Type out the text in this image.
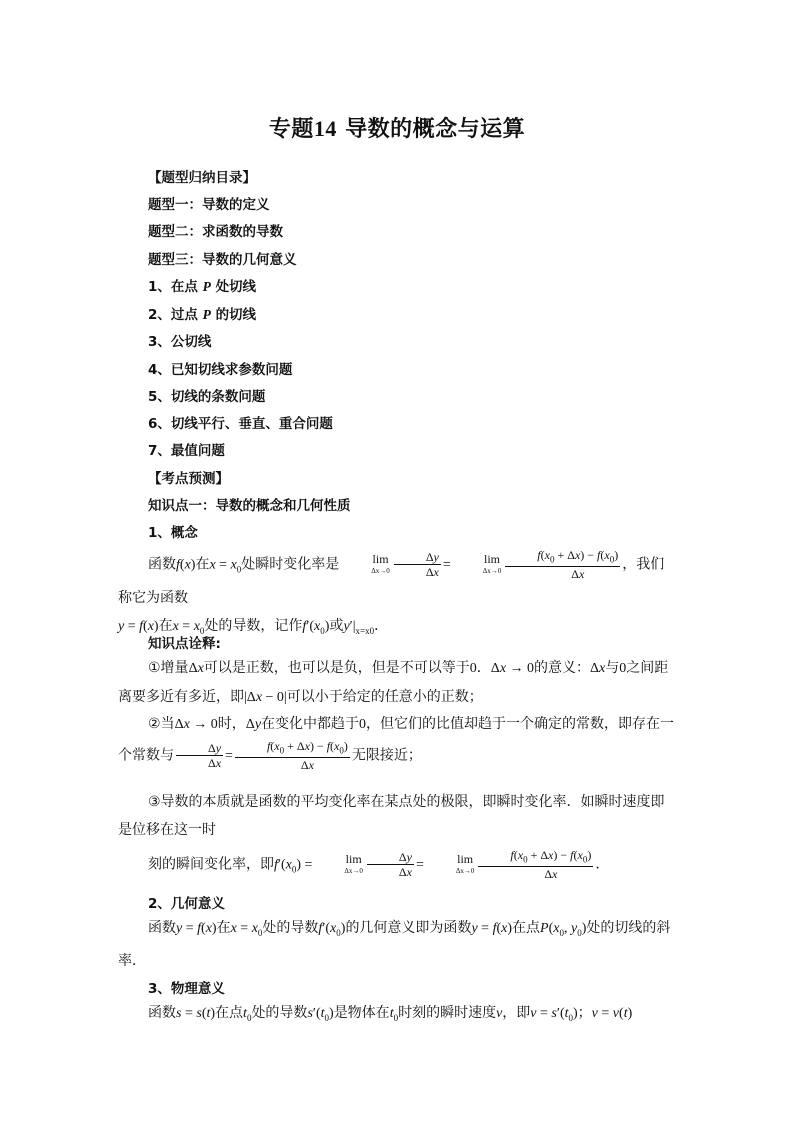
专题14 导数的概念与运算
【题型归纳目录】
题型一：导数的定义
题型二：求函数的导数
题型三：导数的几何意义
1、在点 P 处切线
2、过点 P 的切线
3、公切线
4、已知切线求参数问题
5、切线的条数问题
6、切线平行、垂直、重合问题
7、最值问题
【考点预测】
知识点一：导数的概念和几何性质
1、概念
函数f(x)在$x = x_0$处瞬时变化率是	lim
$\Delta x\to 0 \frac{\Delta y}{\Delta x}$ =	lim
$\Delta x\to 0 \frac{f(x_0 + \Delta x) - f(x_0)}{\Delta x}$ ，我们称它为函数
y = f(x)在$x = x_0$处的导数，记作$f'(x_0)$或$y'|_{x=x0}$．
知识点诠释:
①增量Δx可以是正数，也可以是负，但是不可以等于0．Δx → 0的意义：Δx与0之间距离要多近有多近，即|Δx − 0|可以小于给定的任意小的正数；
②当Δx → 0时，Δy在变化中都趋于0，但它们的比值却趋于一个确定的常数，即存在一个常数与 $\frac{\Delta y}{\Delta x} = \frac{f(x_0 + \Delta x) - f(x_0)}{\Delta x}$ 无限接近；
③导数的本质就是函数的平均变化率在某点处的极限，即瞬时变化率．如瞬时速度即是位移在这一时
刻的瞬间变化率，即$f'(x_0)$ =	lim
$\Delta x\to 0 \frac{\Delta y}{\Delta x}$ =	lim
$\Delta x\to 0 \frac{f(x_0 + \Delta x) - f(x_0)}{\Delta x}$ ．
2、几何意义
函数y = f(x)在$x = x_0$处的导数$f'(x_0)$的几何意义即为函数y = f(x)在点$P(x_0$, $y_0$)处的切线的斜率．
3、物理意义
函数s = s(t)在点$t_0$处的导数$s'(t_0)$是物体在$t_0$时刻的瞬时速度v，即$v = s'(t_0)$；v = v(t)
